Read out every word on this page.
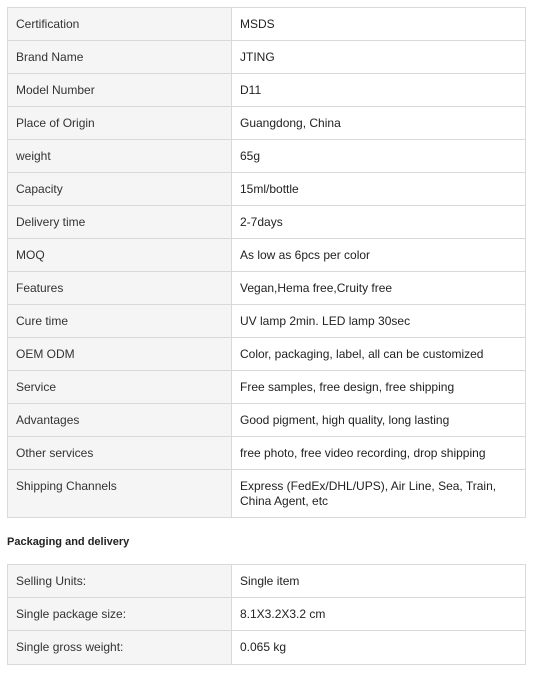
Certification	MSDS
Brand Name	JTING
Model Number	D11
Place of Origin	Guangdong, China
weight	65g
Capacity	15ml/bottle
Delivery time	2-7days
MOQ	As low as 6pcs per color
Features	Vegan,Hema free,Cruity free
Cure time	UV lamp 2min. LED lamp 30sec
OEM ODM	Color, packaging, label, all can be customized
Service	Free samples, free design, free shipping
Advantages	Good pigment, high quality, long lasting
Other services	free photo, free video recording, drop shipping
Shipping Channels	Express (FedEx/DHL/UPS), Air Line, Sea, Train, China Agent, etc
Packaging and delivery
Selling Units:	Single item
Single package size:	8.1X3.2X3.2 cm
Single gross weight:	0.065 kg
